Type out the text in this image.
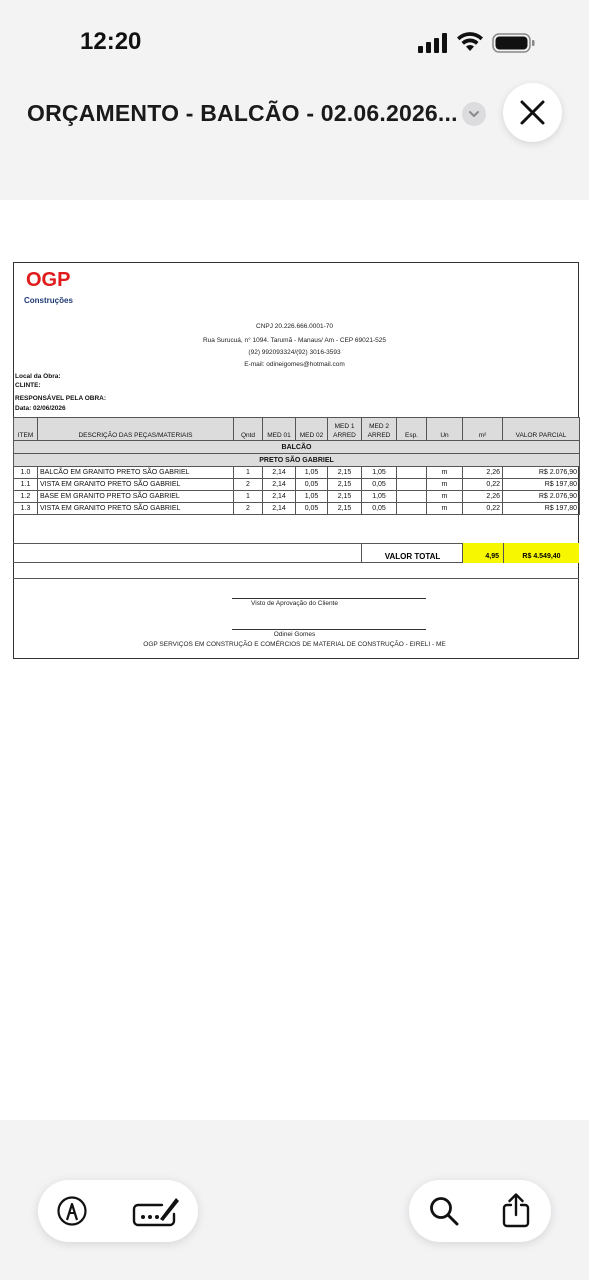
12:20
ORÇAMENTO - BALCÃO - 02.06.2026...
OGP
Construções
CNPJ 20.226.666.0001-70
Rua Surucuá, n° 1094. Tarumã - Manaus/ Am - CEP 69021-525
(92) 992093324/(92) 3016-3593
E-mail: odineigomes@hotmail.com
Local da Obra:
CLINTE:
RESPONSÁVEL PELA OBRA:
Data: 02/06/2026
ITEM	DESCRIÇÃO DAS PEÇAS/MATERIAIS	Qntd	MED 01	MED 02	MED 1 ARRED	MED 2 ARRED	Esp.	Un	m²	VALOR PARCIAL
BALCÃO										
PRETO SÃO GABRIEL										
1.0	BALCÃO EM GRANITO PRETO SÃO GABRIEL	1	2,14	1,05	2,15	1,05		m	2,26	R$ 2.076,90
1.1	VISTA EM GRANITO PRETO SÃO GABRIEL	2	2,14	0,05	2,15	0,05		m	0,22	R$ 197,80
1.2	BASE EM GRANITO PRETO SÃO GABRIEL	1	2,14	1,05	2,15	1,05		m	2,26	R$ 2.076,90
1.3	VISTA EM GRANITO PRETO SÃO GABRIEL	2	2,14	0,05	2,15	0,05		m	0,22	R$ 197,80
VALOR TOTAL	4,95	R$ 4.549,40
Visto de Aprovação do Cliente
Odinei Gomes
OGP SERVIÇOS EM CONSTRUÇÃO E COMÉRCIOS DE MATERIAL DE CONSTRUÇÃO - EIRELI - ME
